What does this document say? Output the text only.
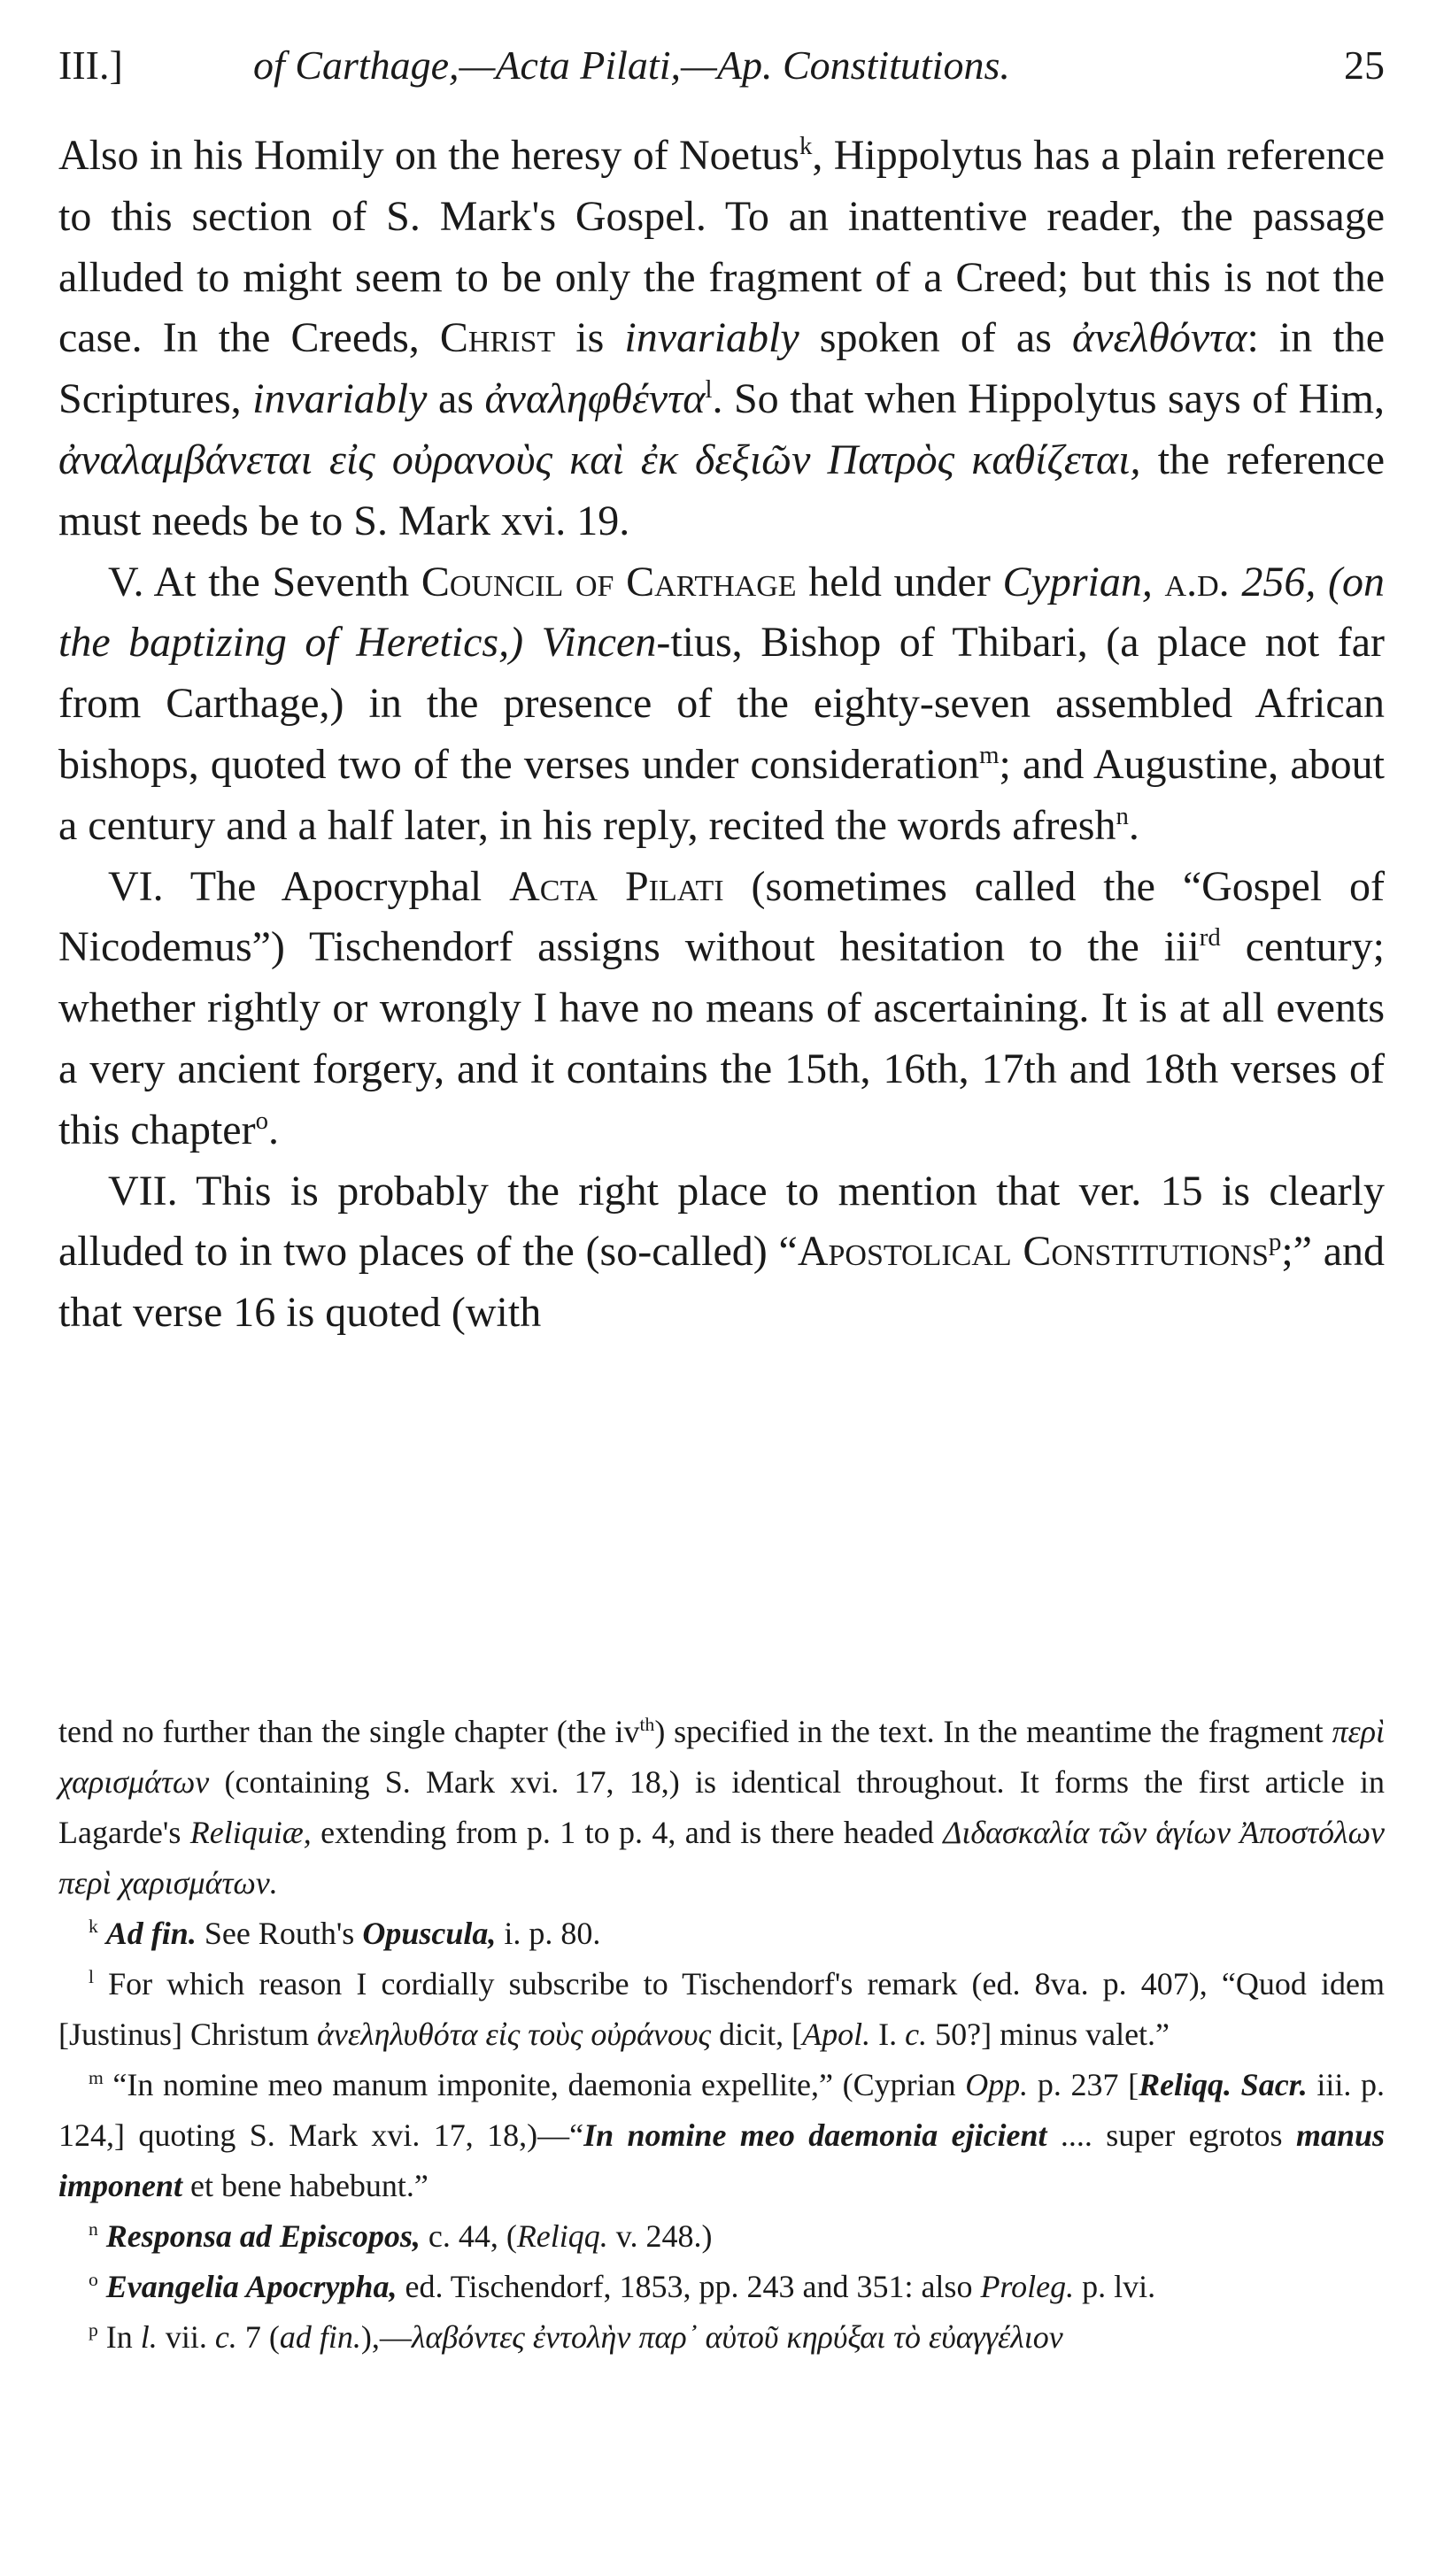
III.]	of Carthage,—Acta Pilati,—Ap. Constitutions.	25

Also in his Homily on the heresy of Noetus$^k$, Hippolytus has a plain reference to this section of S. Mark's Gospel. To an inattentive reader, the passage alluded to might seem to be only the fragment of a Creed; but this is not the case. In the Creeds, Christ is invariably spoken of as ἀνελθόντα: in the Scriptures, invariably as ἀναληφθέντα$^l$. So that when Hippolytus says of Him, ἀναλαμβάνεται εἰς οὐρανοὺς καὶ ἐκ δεξιῶν Πατρὸς καθίζεται, the reference must needs be to S. Mark xvi. 19.

V. At the Seventh Council of Carthage held under Cyprian, a.d. 256, (on the baptizing of Heretics,) Vincen-tius, Bishop of Thibari, (a place not far from Carthage,) in the presence of the eighty-seven assembled African bishops, quoted two of the verses under consideration$^m$; and Augustine, about a century and a half later, in his reply, recited the words afresh$^n$.

VI. The Apocryphal Acta Pilati (sometimes called the “Gospel of Nicodemus”) Tischendorf assigns without hesitation to the iii$^{rd}$ century; whether rightly or wrongly I have no means of ascertaining. It is at all events a very ancient forgery, and it contains the 15th, 16th, 17th and 18th verses of this chapter$^o$.

VII. This is probably the right place to mention that ver. 15 is clearly alluded to in two places of the (so-called) “Apostolical Constitutions$^p$;” and that verse 16 is quoted (with

tend no further than the single chapter (the $iv^{th}$) specified in the text. In the meantime the fragment περὶ χαρισμάτων (containing S. Mark xvi. 17, 18,) is identical throughout. It forms the first article in Lagarde's Reliquiæ, extending from p. 1 to p. 4, and is there headed Διδασκαλία τῶν ἁγίων Ἀποστόλων περὶ χαρισμάτων.

$^k$ Ad fin. See Routh's Opuscula, i. p. 80.

$^l$ For which reason I cordially subscribe to Tischendorf's remark (ed. 8va. p. 407), “Quod idem [Justinus] Christum ἀνεληλυθότα εἰς τοὺς οὐράνους dicit, [Apol. I. c. 50?] minus valet.”

$^m$ “In nomine meo manum imponite, daemonia expellite,” (Cyprian Opp. p. 237 [Reliqq. Sacr. iii. p. 124,] quoting S. Mark xvi. 17, 18,)—“In nomine meo daemonia ejicient .... super egrotos manus imponent et bene habebunt.”

$^n$ Responsa ad Episcopos, c. 44, (Reliqq. v. 248.)

$^o$ Evangelia Apocrypha, ed. Tischendorf, 1853, pp. 243 and 351: also Proleg. p. lvi.

$^p$ In l. vii. c. 7 (ad fin.),—λαβόντες ἐντολὴν παρ᾽ αὐτοῦ κηρύξαι τὸ εὐαγγέλιον
